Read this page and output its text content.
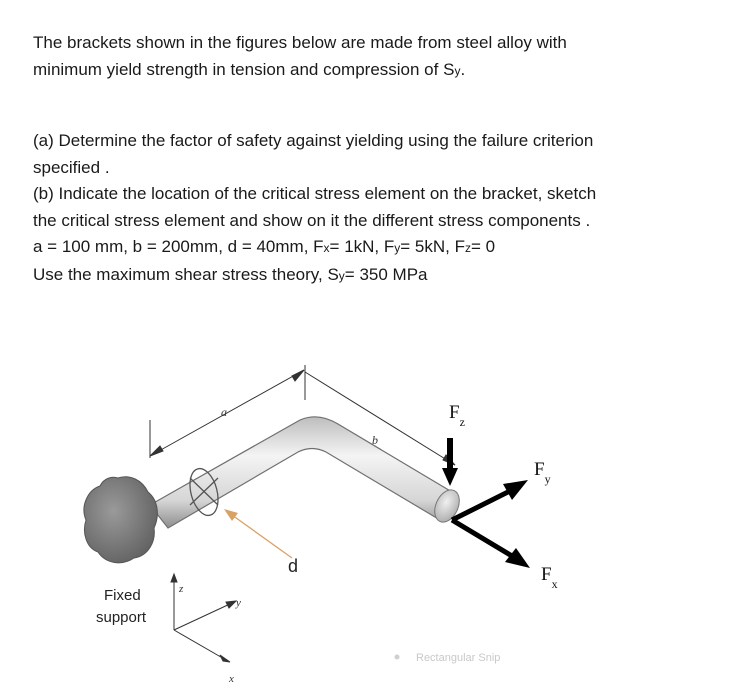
The brackets shown in the figures below are made from steel alloy with
minimum yield strength in tension and compression of Sy.

(a) Determine the factor of safety against yielding using the failure criterion
specified .
(b) Indicate the location of the critical stress element on the bracket, sketch
the critical stress element and show on it the different stress components .
a = 100 mm, b = 200mm, d = 40mm, Fx= 1kN, Fy= 5kN, Fz= 0
Use the maximum shear stress theory, Sy= 350 MPa

a
b
d
$F_z$
$F_y$
$F_x$
z
y
x
Fixed
support
Rectangular Snip
